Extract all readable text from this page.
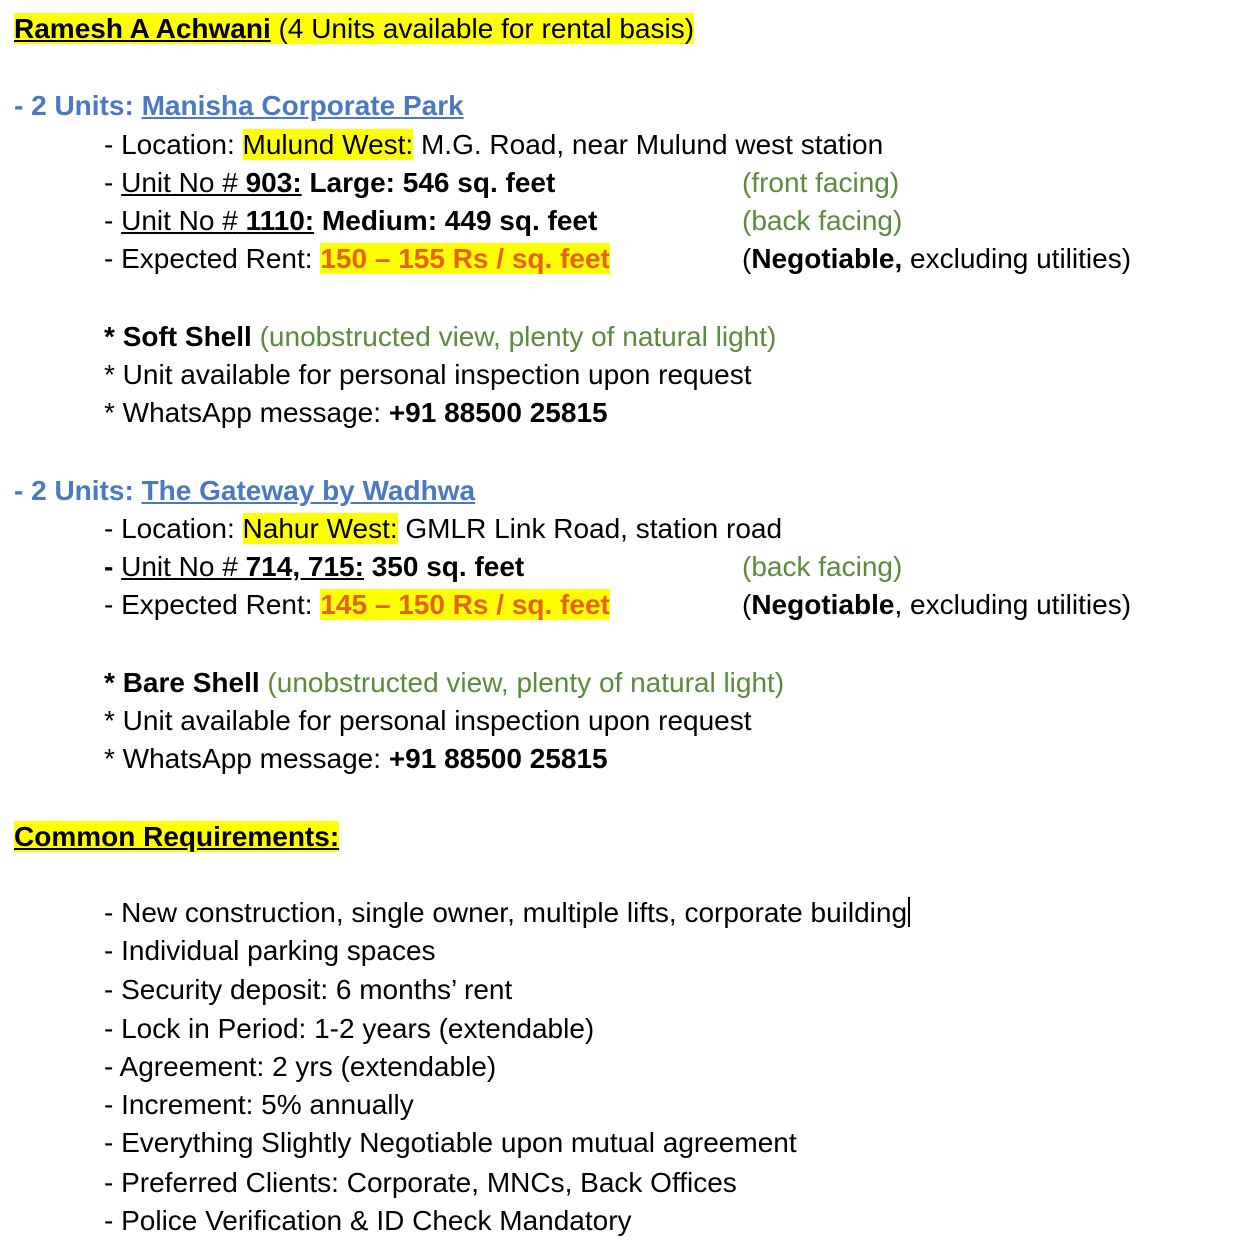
Ramesh A Achwani (4 Units available for rental basis)
- 2 Units: Manisha Corporate Park
- Location: Mulund West: M.G. Road, near Mulund west station
- Unit No # 903: Large: 546 sq. feet	(front facing)
- Unit No # 1110: Medium: 449 sq. feet	(back facing)
- Expected Rent: 150 – 155 Rs / sq. feet	(Negotiable, excluding utilities)
* Soft Shell (unobstructed view, plenty of natural light)
* Unit available for personal inspection upon request
* WhatsApp message: +91 88500 25815
- 2 Units: The Gateway by Wadhwa
- Location: Nahur West: GMLR Link Road, station road
- Unit No # 714, 715: 350 sq. feet	(back facing)
- Expected Rent: 145 – 150 Rs / sq. feet	(Negotiable, excluding utilities)
* Bare Shell (unobstructed view, plenty of natural light)
* Unit available for personal inspection upon request
* WhatsApp message: +91 88500 25815
Common Requirements:
- New construction, single owner, multiple lifts, corporate building
- Individual parking spaces
- Security deposit: 6 months’ rent
- Lock in Period: 1-2 years (extendable)
- Agreement: 2 yrs (extendable)
- Increment: 5% annually
- Everything Slightly Negotiable upon mutual agreement
- Preferred Clients: Corporate, MNCs, Back Offices
- Police Verification & ID Check Mandatory
